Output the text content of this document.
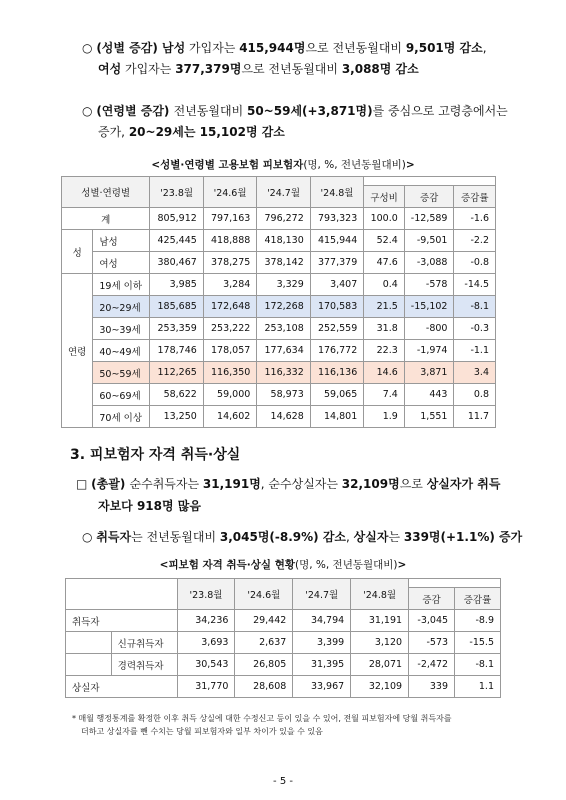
○ (성별 증감) 남성 가입자는 415,944명으로 전년동월대비 9,501명 감소,
여성 가입자는 377,379명으로 전년동월대비 3,088명 감소
○ (연령별 증감) 전년동월대비 50~59세(+3,871명)를 중심으로 고령층에서는
증가, 20~29세는 15,102명 감소
<성별·연령별 고용보험 피보험자(명, %, 전년동월대비)>
성별·연령별		'23.8월	'24.6월	'24.7월	'24.8월			
						구성비	증감	증감률
계		805,912	797,163	796,272	793,323	100.0	-12,589	-1.6
성	남성	425,445	418,888	418,130	415,944	52.4	-9,501	-2.2
	여성	380,467	378,275	378,142	377,379	47.6	-3,088	-0.8
연령	19세 이하	3,985	3,284	3,329	3,407	0.4	-578	-14.5
	20~29세	185,685	172,648	172,268	170,583	21.5	-15,102	-8.1
	30~39세	253,359	253,222	253,108	252,559	31.8	-800	-0.3
	40~49세	178,746	178,057	177,634	176,772	22.3	-1,974	-1.1
	50~59세	112,265	116,350	116,332	116,136	14.6	3,871	3.4
	60~69세	58,622	59,000	58,973	59,065	7.4	443	0.8
	70세 이상	13,250	14,602	14,628	14,801	1.9	1,551	11.7
3. 피보험자 자격 취득·상실
□ (총괄) 순수취득자는 31,191명, 순수상실자는 32,109명으로 상실자가 취득
자보다 918명 많음
○ 취득자는 전년동월대비 3,045명(-8.9%) 감소, 상실자는 339명(+1.1%) 증가
<피보험 자격 취득·상실 현황(명, %, 전년동월대비)>
		'23.8월	'24.6월	'24.7월	'24.8월		
						증감	증감률
취득자		34,236	29,442	34,794	31,191	-3,045	-8.9
	신규취득자	3,693	2,637	3,399	3,120	-573	-15.5
	경력취득자	30,543	26,805	31,395	28,071	-2,472	-8.1
상실자		31,770	28,608	33,967	32,109	339	1.1
* 매월 행정통계를 확정한 이후 취득 상실에 대한 수정신고 등이 있을 수 있어, 전월 피보험자에 당월 취득자를
더하고 상실자를 뺀 수치는 당월 피보험자와 일부 차이가 있을 수 있음
- 5 -
